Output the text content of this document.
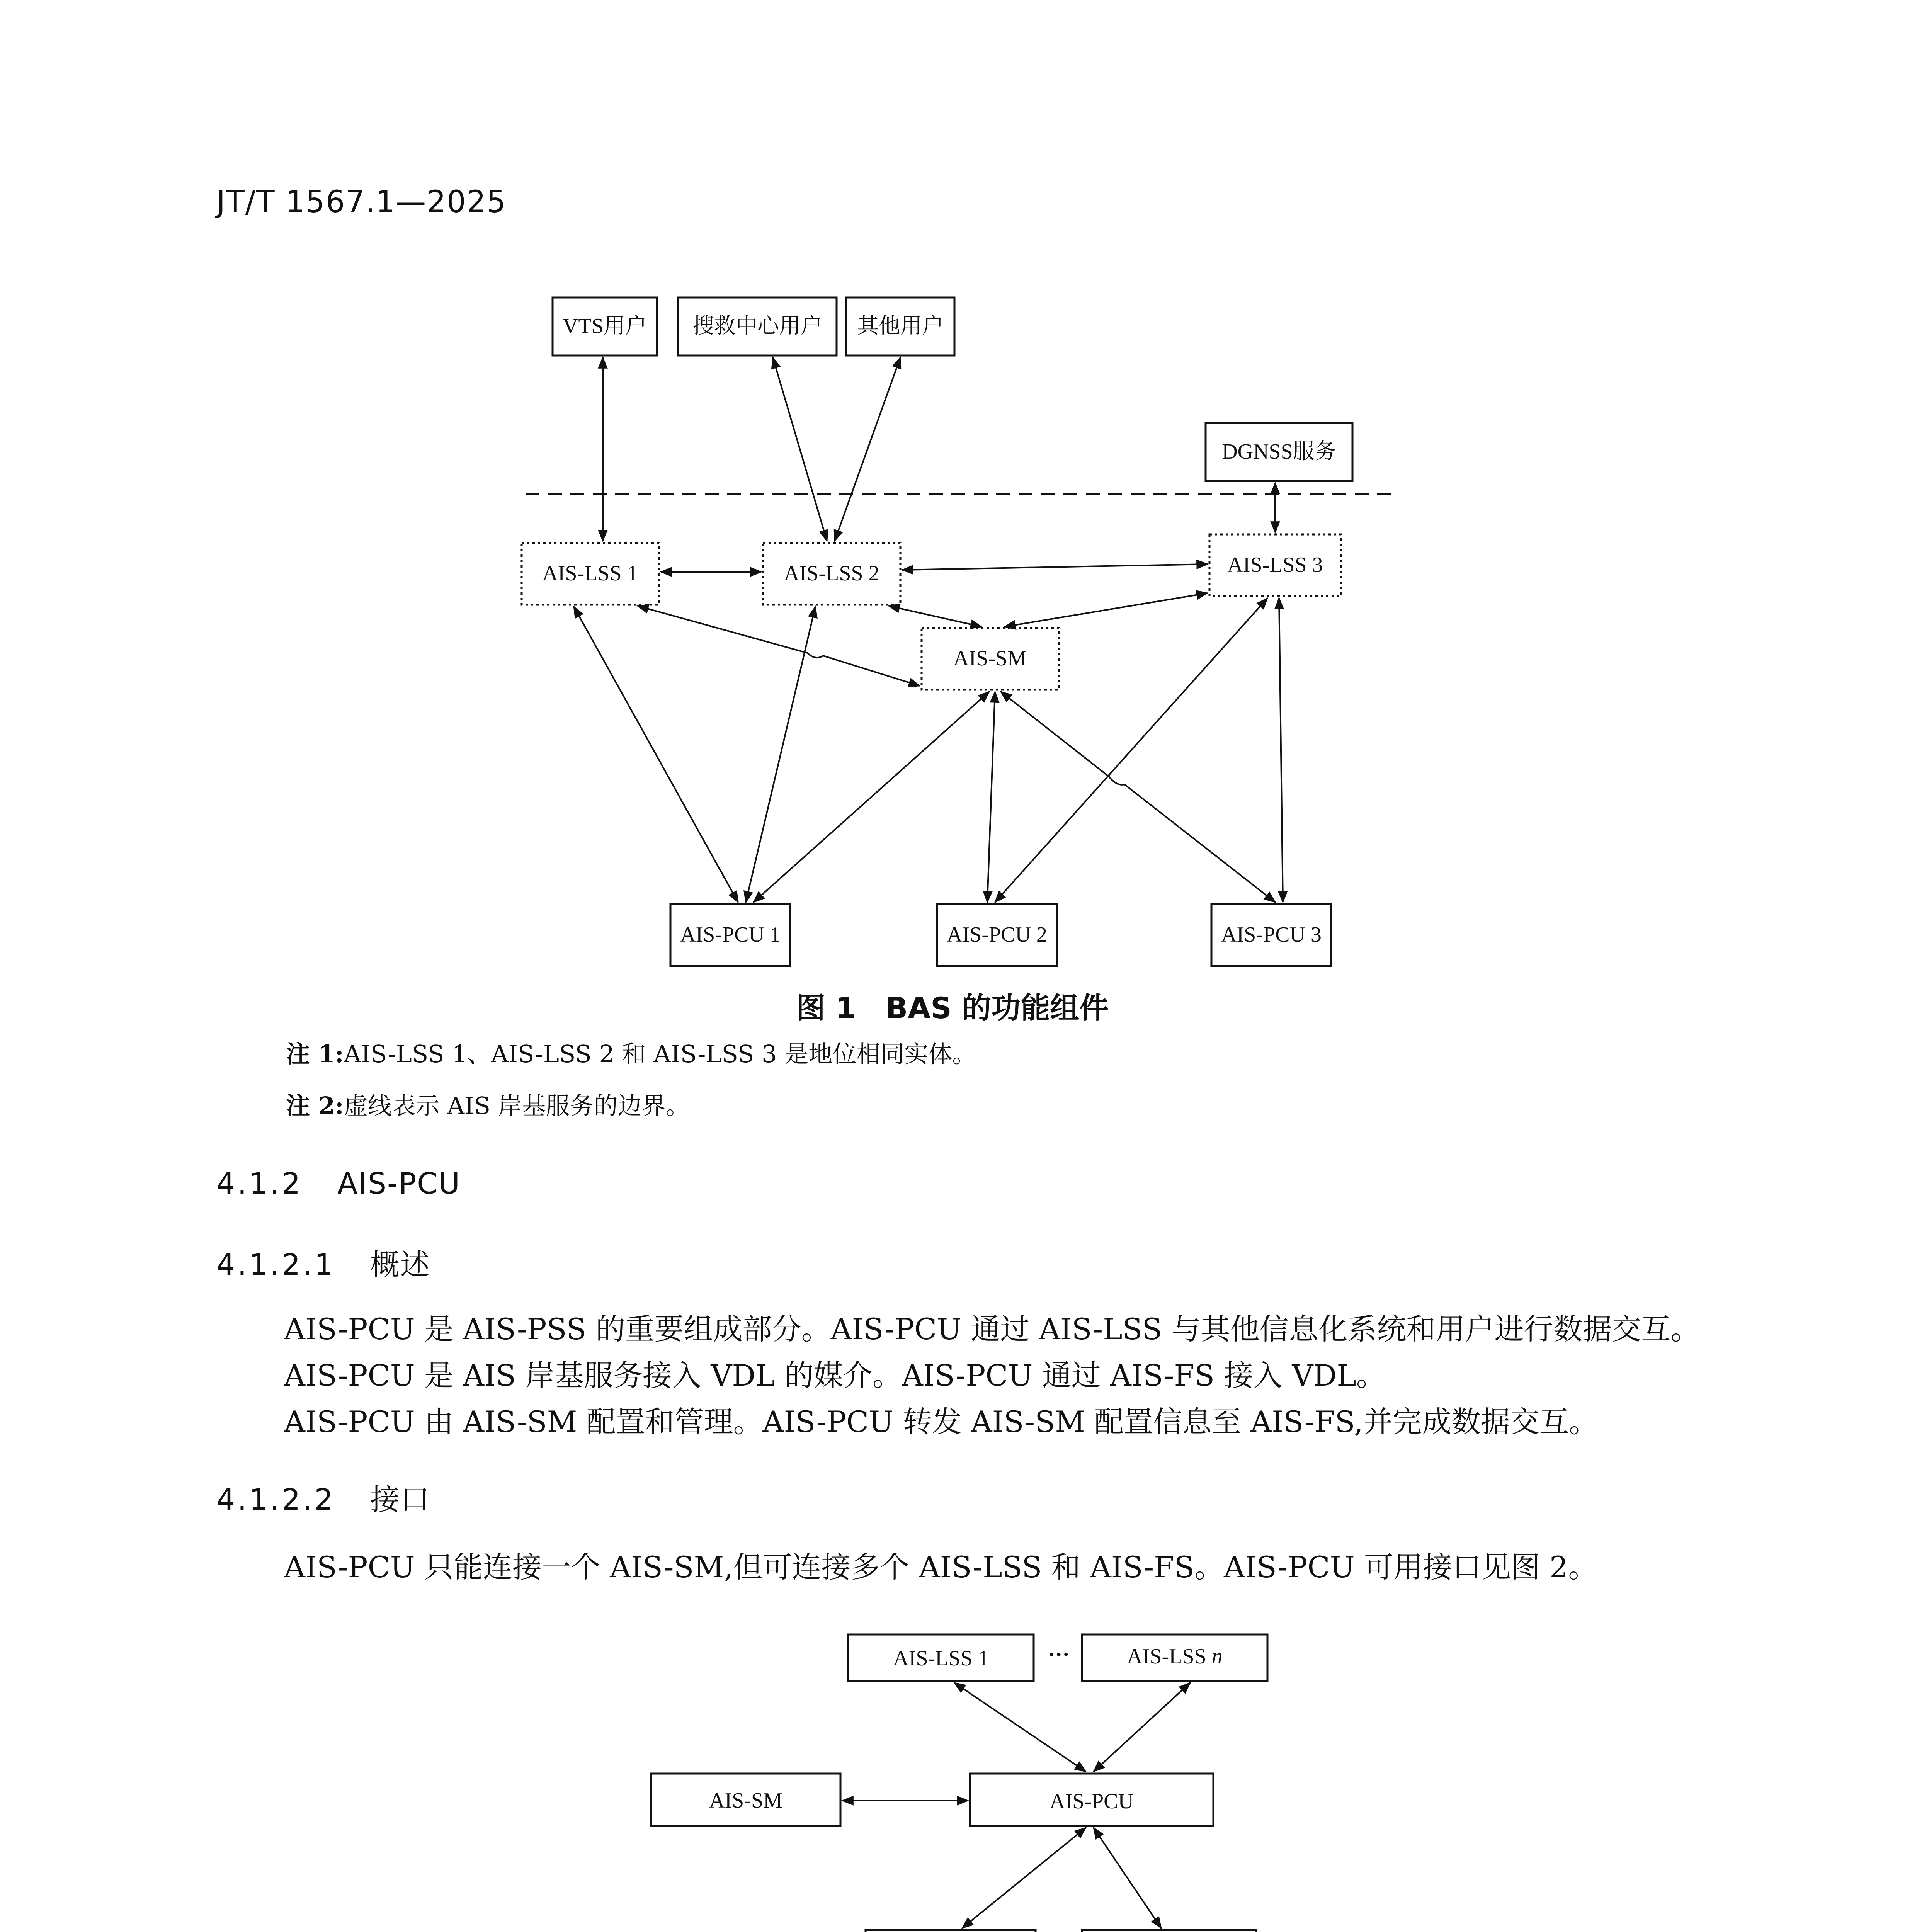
JT/T 1567.1—2025
VTS用户 搜救中心用户 其他用户
DGNSS服务
AIS-LSS 1	AIS-LSS 2	AIS-LSS 3
AIS-SM
AIS-PCU 1	AIS-PCU 2	AIS-PCU 3
图 1　BAS 的功能组件
注 1:AIS-LSS 1、AIS-LSS 2 和 AIS-LSS 3 是地位相同实体。
注 2:虚线表示 AIS 岸基服务的边界。
4.1.2 AIS-PCU
4.1.2.1 概述
AIS-PCU 是 AIS-PSS 的重要组成部分。AIS-PCU 通过 AIS-LSS 与其他信息化系统和用户进行数据交互。
AIS-PCU 是 AIS 岸基服务接入 VDL 的媒介。AIS-PCU 通过 AIS-FS 接入 VDL。
AIS-PCU 由 AIS-SM 配置和管理。AIS-PCU 转发 AIS-SM 配置信息至 AIS-FS,并完成数据交互。
4.1.2.2 接口
AIS-PCU 只能连接一个 AIS-SM,但可连接多个 AIS-LSS 和 AIS-FS。AIS-PCU 可用接口见图 2。
AIS-LSS 1	···	AIS-LSS n
AIS-SM	AIS-PCU
